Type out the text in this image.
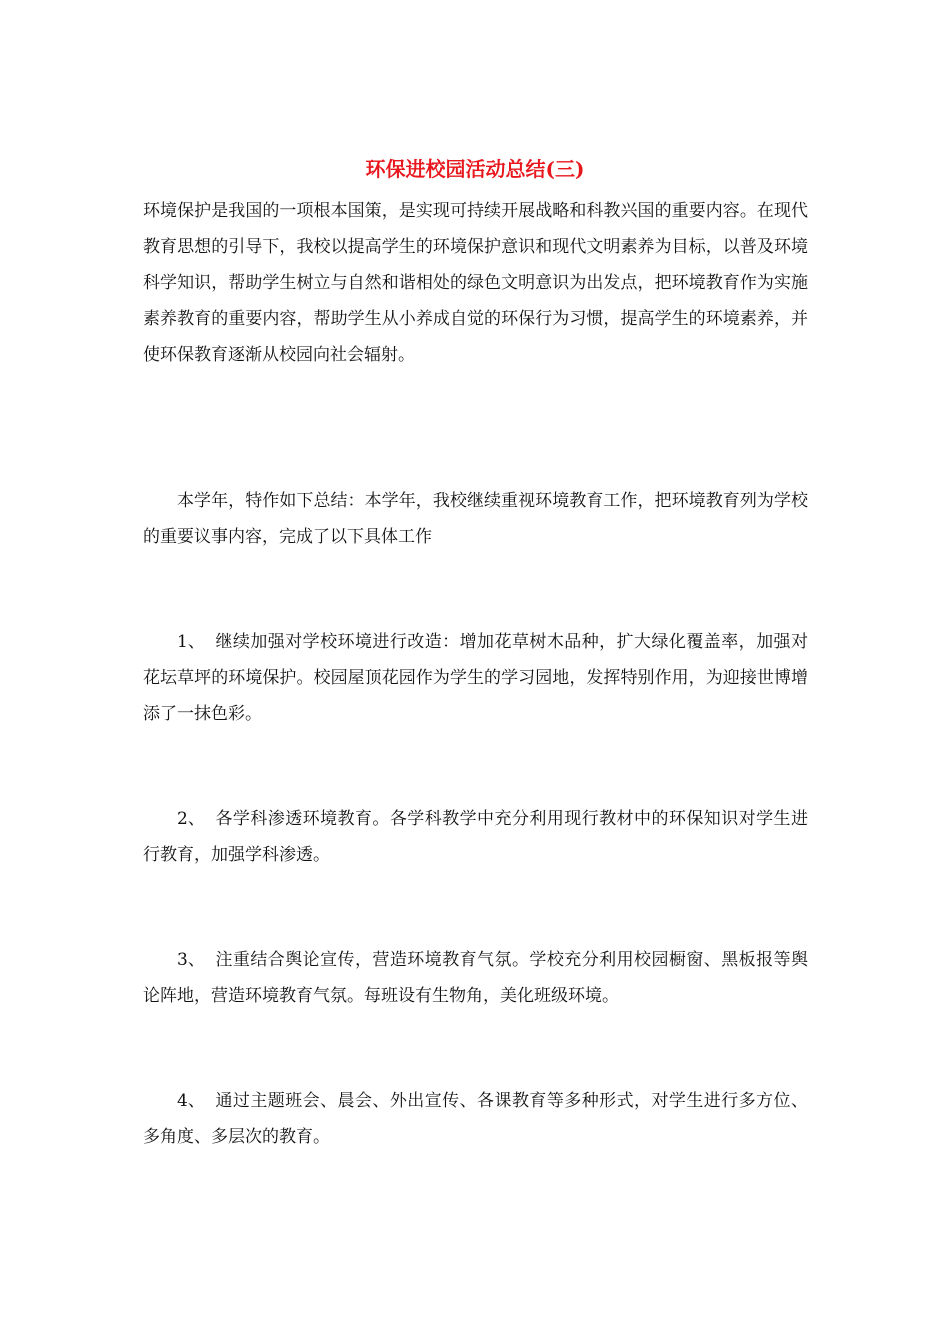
环保进校园活动总结(三)

环境保护是我国的一项根本国策，是实现可持续开展战略和科教兴国的重要内容。在现代教育思想的引导下，我校以提高学生的环境保护意识和现代文明素养为目标，以普及环境科学知识，帮助学生树立与自然和谐相处的绿色文明意识为出发点，把环境教育作为实施素养教育的重要内容，帮助学生从小养成自觉的环保行为习惯，提高学生的环境素养，并使环保教育逐渐从校园向社会辐射。

本学年，特作如下总结：本学年，我校继续重视环境教育工作，把环境教育列为学校的重要议事内容，完成了以下具体工作

1、 继续加强对学校环境进行改造：增加花草树木品种，扩大绿化覆盖率，加强对花坛草坪的环境保护。校园屋顶花园作为学生的学习园地，发挥特别作用，为迎接世博增添了一抹色彩。

2、 各学科渗透环境教育。各学科教学中充分利用现行教材中的环保知识对学生进行教育，加强学科渗透。

3、 注重结合舆论宣传，营造环境教育气氛。学校充分利用校园橱窗、黑板报等舆论阵地，营造环境教育气氛。每班设有生物角，美化班级环境。

4、 通过主题班会、晨会、外出宣传、各课教育等多种形式，对学生进行多方位、多角度、多层次的教育。
